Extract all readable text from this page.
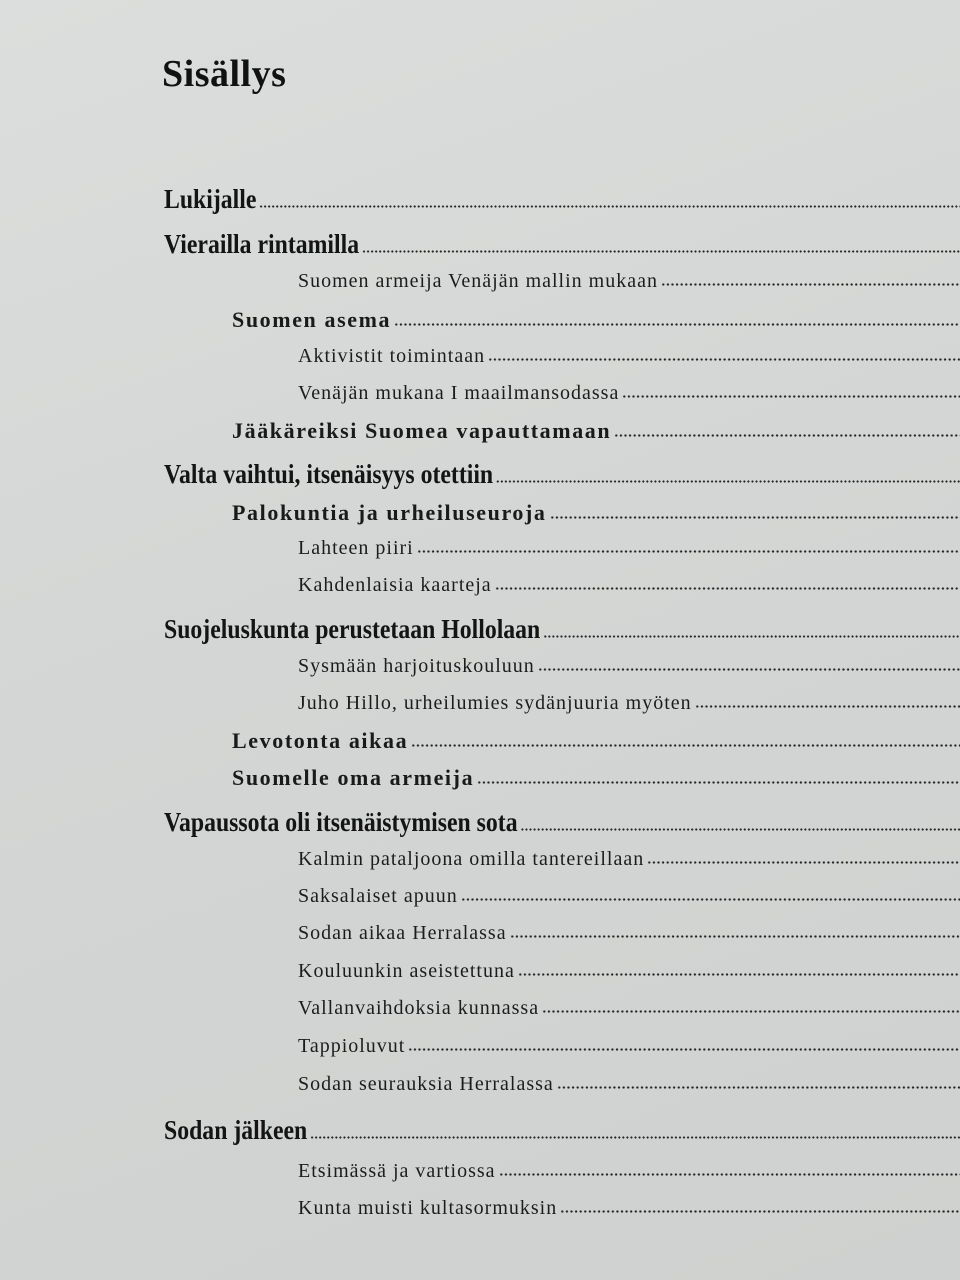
Sisällys
Lukijalle
Vierailla rintamilla
Suomen armeija Venäjän mallin mukaan
Suomen asema
Aktivistit toimintaan
Venäjän mukana I maailmansodassa
Jääkäreiksi Suomea vapauttamaan
Valta vaihtui, itsenäisyys otettiin
Palokuntia ja urheiluseuroja
Lahteen piiri
Kahdenlaisia kaarteja
Suojeluskunta perustetaan Hollolaan
Sysmään harjoituskouluun
Juho Hillo, urheilumies sydänjuuria myöten
Levotonta aikaa
Suomelle oma armeija
Vapaussota oli itsenäistymisen sota
Kalmin pataljoona omilla tantereillaan
Saksalaiset apuun
Sodan aikaa Herralassa
Kouluunkin aseistettuna
Vallanvaihdoksia kunnassa
Tappioluvut
Sodan seurauksia Herralassa
Sodan jälkeen
Etsimässä ja vartiossa
Kunta muisti kultasormuksin
